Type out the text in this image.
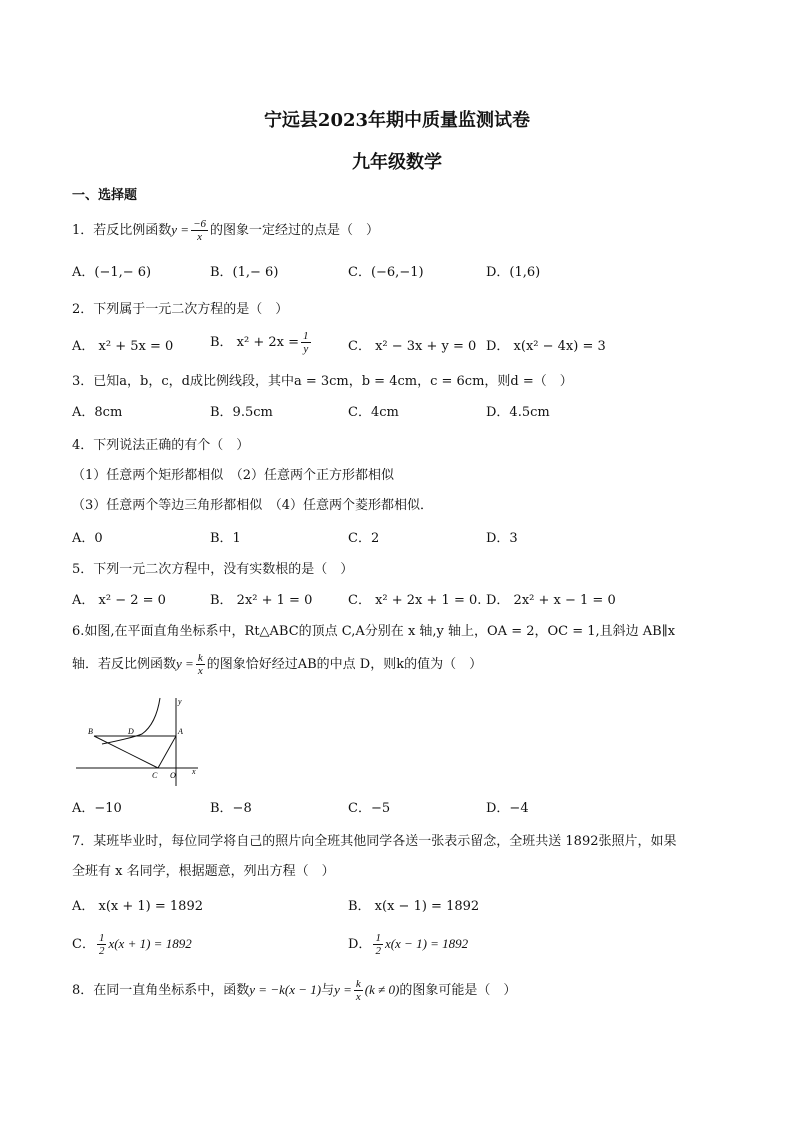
宁远县2023年期中质量监测试卷
九年级数学
一、选择题
1．若反比例函数$y = \frac{-6}{x}$ 的图象一定经过的点是（　）
A．(−1,− 6)	B．(1,− 6)	C．(−6,−1)	D．(1,6)
2．下列属于一元二次方程的是（　）
A． x² + 5x = 0	B． $x^2 + 2x = \frac{1}{y}$	C． x² − 3x + y = 0 D． x(x² − 4x) = 3
3．已知a，b，c，d成比例线段，其中a = 3cm，b = 4cm，c = 6cm，则d =（　）
A．8cm	B．9.5cm	C．4cm	D．4.5cm
4．下列说法正确的有个（　）
（1）任意两个矩形都相似　（2）任意两个正方形都相似
（3）任意两个等边三角形都相似　（4）任意两个菱形都相似．
A．0	B．1	C．2	D．3
5．下列一元二次方程中，没有实数根的是（　）
A． x² − 2 = 0	B． 2x² + 1 = 0	C． x² + 2x + 1 = 0. D． 2x² + x − 1 = 0
6.如图,在平面直角坐标系中，Rt△ABC的顶点 C,A分别在 x 轴,y 轴上，OA = 2，OC = 1,且斜边 AB∥x
轴．若反比例函数$y = \frac{k}{x}$ 的图象恰好经过AB的中点 D，则k的值为（　）
B	D	A
C O x
y
A．−10	B．−8	C．−5	D．−4
7．某班毕业时，每位同学将自己的照片向全班其他同学各送一张表示留念，全班共送 1892张照片，如果
全班有 x 名同学，根据题意，列出方程（　）
A． x(x + 1) = 1892	B． x(x − 1) = 1892
C． $\frac{1}{2} x(x + 1) = 1892$	D． $\frac{1}{2} x(x - 1) = 1892$
8．在同一直角坐标系中，函数y = −k(x − 1)与$y = \frac{k}{x} (k \ne 0)$的图象可能是（　）
